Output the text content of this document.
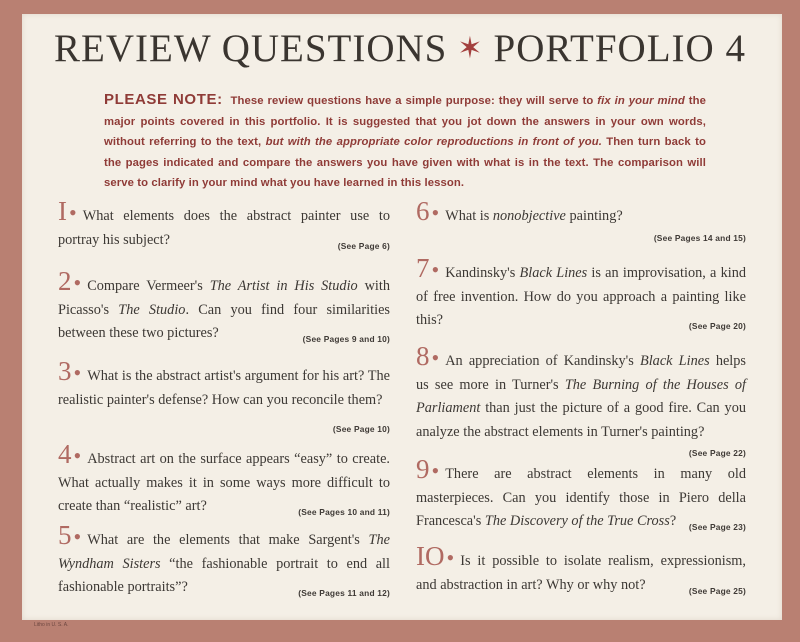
REVIEW QUESTIONS ✶ PORTFOLIO 4
PLEASE NOTE: These review questions have a simple purpose: they will serve to fix in your mind the major points covered in this portfolio. It is suggested that you jot down the answers in your own words, without referring to the text, but with the appropriate color reproductions in front of you. Then turn back to the pages indicated and compare the answers you have given with what is in the text. The comparison will serve to clarify in your mind what you have learned in this lesson.

I• What elements does the abstract painter use to portray his subject?	(See Page 6)

2• Compare Vermeer's The Artist in His Studio with Picasso's The Studio. Can you find four similarities between these two pictures?	(See Pages 9 and 10)

3• What is the abstract artist's argument for his art? The realistic painter's defense? How can you reconcile them?
(See Page 10)

4• Abstract art on the surface appears “easy” to create. What actually makes it in some ways more difficult to create than “realistic” art?	(See Pages 10 and 11)

5• What are the elements that make Sargent's The Wyndham Sisters “the fashionable portrait to end all fashionable portraits”?	(See Pages 11 and 12)

6• What is nonobjective painting?
(See Pages 14 and 15)

7• Kandinsky's Black Lines is an improvisation, a kind of free invention. How do you approach a painting like this?	(See Page 20)

8• An appreciation of Kandinsky's Black Lines helps us see more in Turner's The Burning of the Houses of Parliament than just the picture of a good fire. Can you analyze the abstract elements in Turner's painting?
(See Page 22)

9• There are abstract elements in many old masterpieces. Can you identify those in Piero della Francesca's The Discovery of the True Cross? (See Page 23)

IO• Is it possible to isolate realism, expressionism, and abstraction in art? Why or why not?	(See Page 25)

Litho in U. S. A.
